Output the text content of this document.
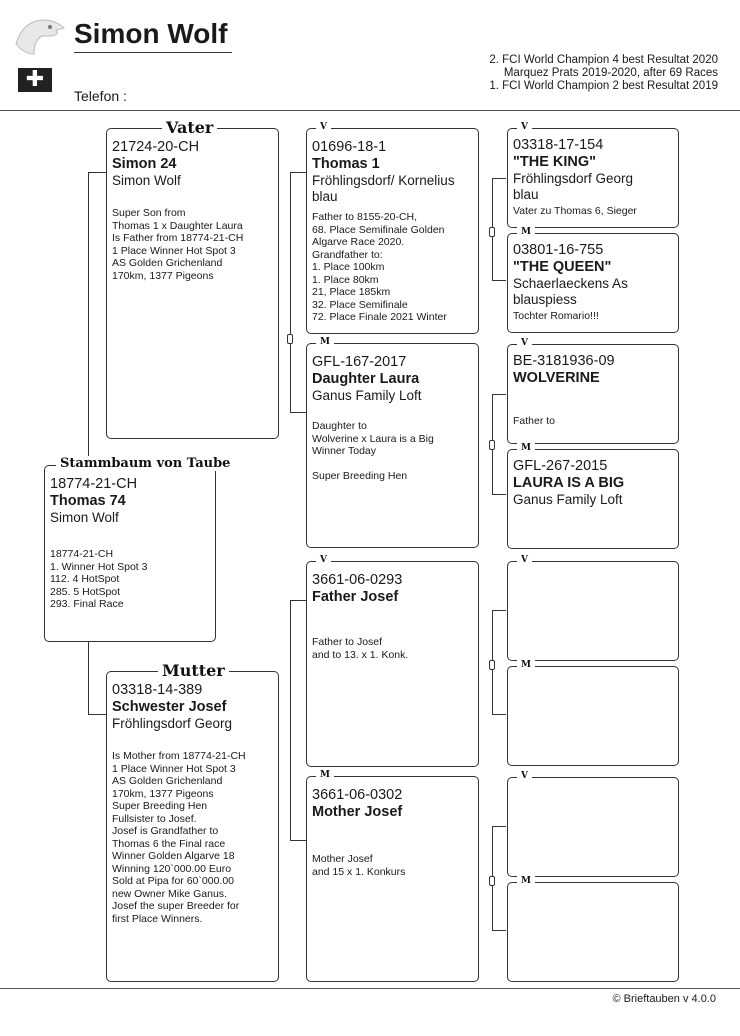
✚
Simon Wolf
Telefon :
2. FCI World Champion 4 best Resultat 2020
Marquez Prats 2019-2020, after 69 Races
1. FCI World Champion 2 best Resultat 2019
18774-21-CH
Thomas 74
Simon Wolf
18774-21-CH
1. Winner Hot Spot 3
112. 4 HotSpot
285. 5 HotSpot
293. Final Race
Stammbaum von Taube
21724-20-CH
Simon 24
Simon Wolf
Super Son from
Thomas 1 x Daughter Laura
Is Father from 18774-21-CH
1 Place Winner Hot Spot 3
AS Golden Grichenland
170km, 1377 Pigeons
Vater
03318-14-389
Schwester Josef
Fröhlingsdorf Georg
Is Mother from 18774-21-CH
1 Place Winner Hot Spot 3
AS Golden Grichenland
170km, 1377 Pigeons
Super Breeding Hen
Fullsister to Josef.
Josef is Grandfather to
Thomas 6 the Final race
Winner Golden Algarve 18
Winning 120`000.00 Euro
Sold at Pipa for 60`000.00
new Owner Mike Ganus.
Josef the super Breeder for
first Place Winners.
Mutter
01696-18-1
Thomas 1
Fröhlingsdorf/ Kornelius
blau
Father to 8155-20-CH,
68. Place Semifinale Golden
Algarve Race 2020.
Grandfather to:
1. Place 100km
1. Place 80km
21, Place 185km
32. Place Semifinale
72. Place Finale 2021 Winter
V
GFL-167-2017
Daughter Laura
Ganus Family Loft
Daughter to
Wolverine x Laura is a Big
Winner Today

Super Breeding Hen
M
3661-06-0293
Father Josef
Father to Josef
and to 13. x 1. Konk.
V
3661-06-0302
Mother Josef
Mother Josef
and 15 x 1. Konkurs
M
03318-17-154
"THE KING"
Fröhlingsdorf Georg
blau
Vater zu Thomas 6, Sieger
V
03801-16-755
"THE QUEEN"
Schaerlaeckens As
blauspiess
Tochter Romario!!!
M
BE-3181936-09
WOLVERINE
Father to
V
GFL-267-2015
LAURA IS A BIG
Ganus Family Loft
M
V
M
V
M
© Brieftauben v 4.0.0
